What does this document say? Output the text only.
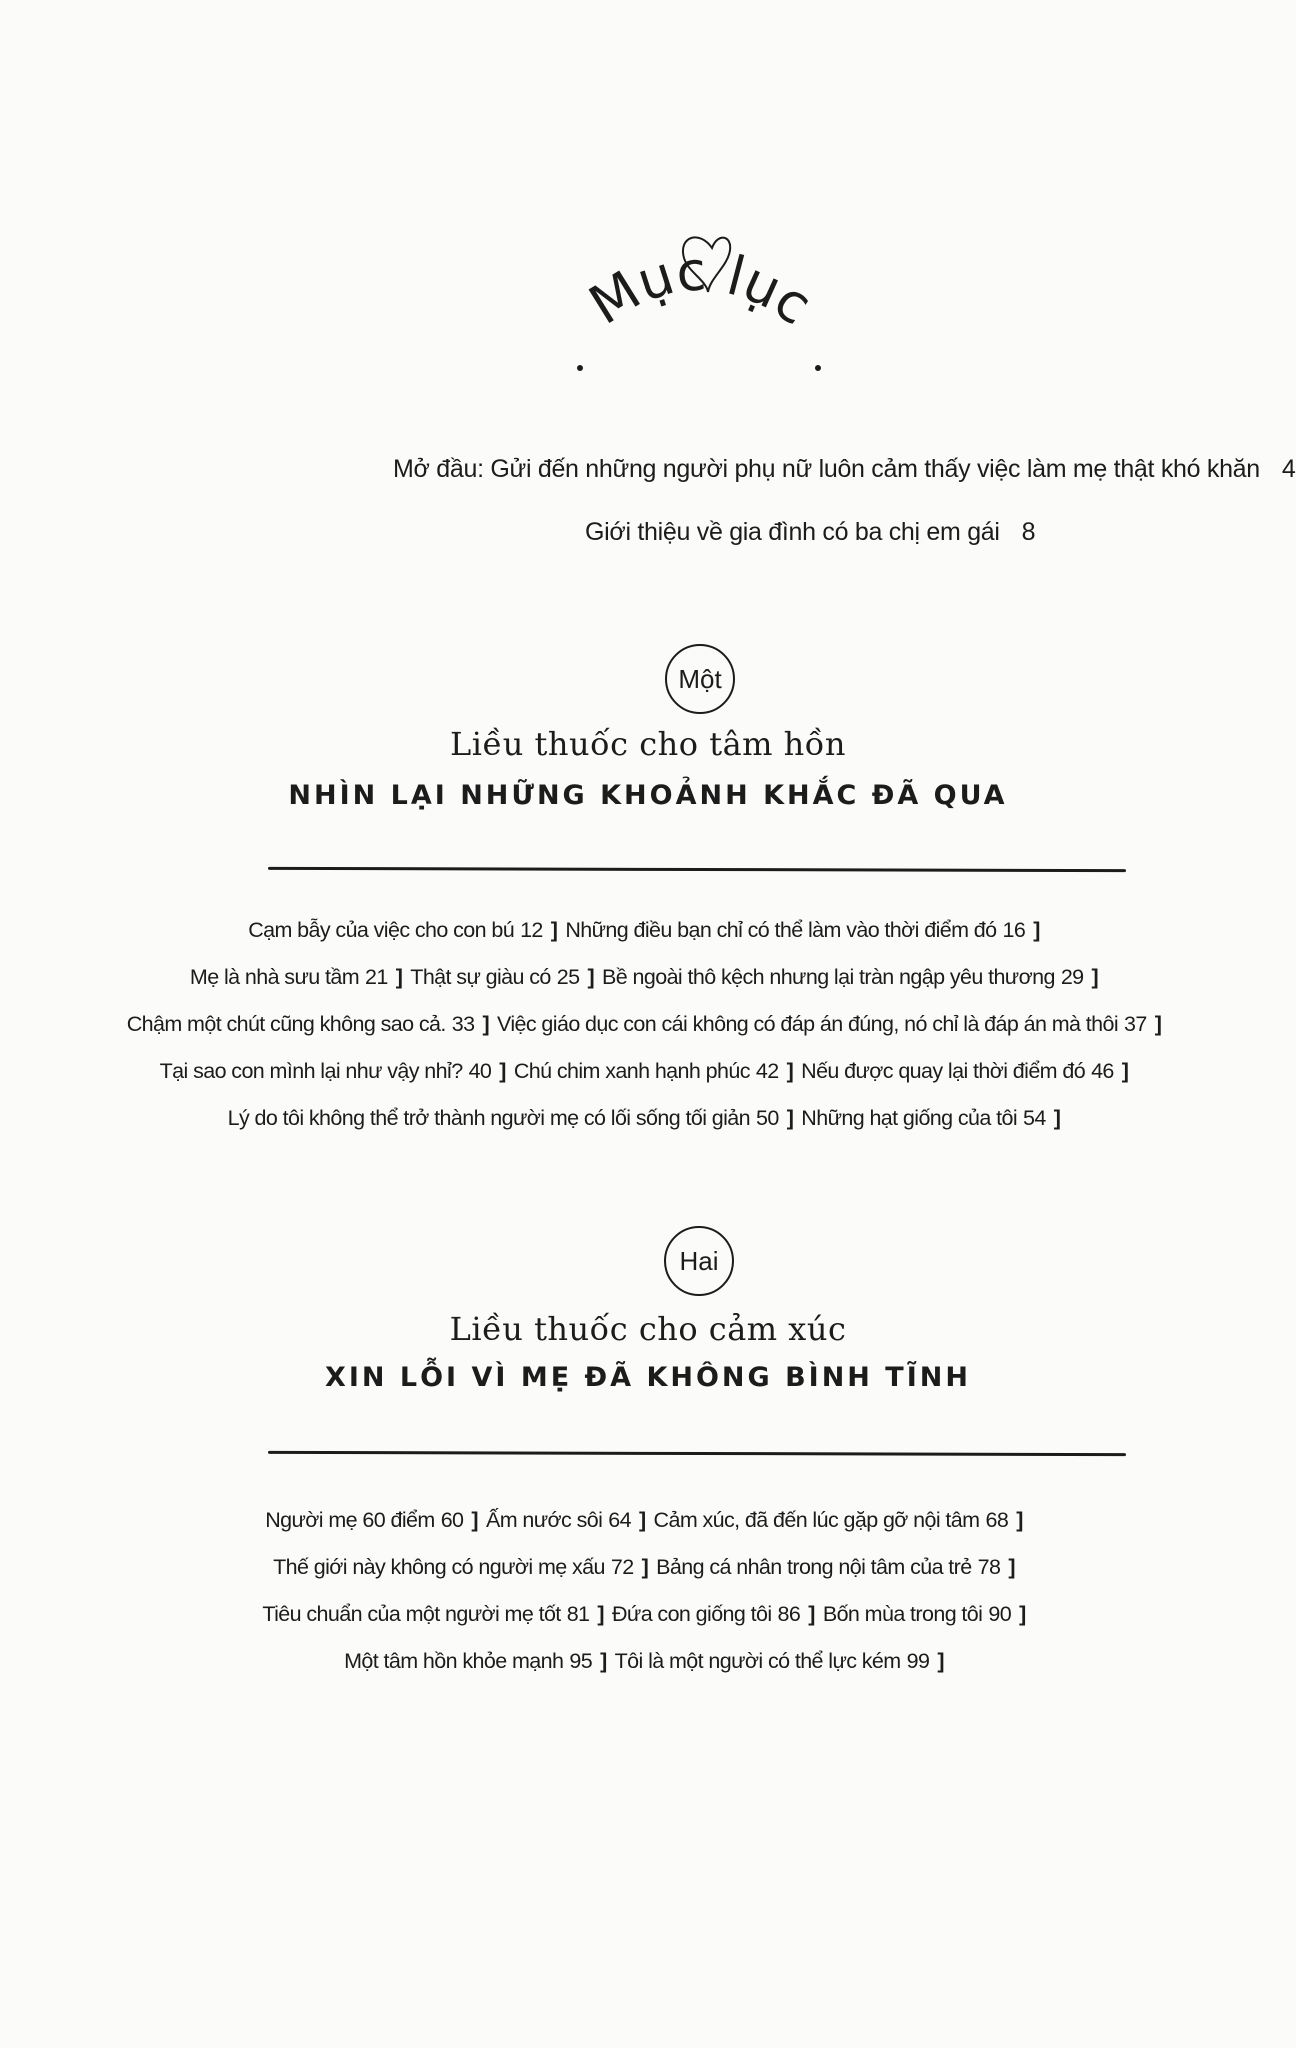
Mục lục
Mở đầu: Gửi đến những người phụ nữ luôn cảm thấy việc làm mẹ thật khó khăn 4
Giới thiệu về gia đình có ba chị em gái 8
Một
Liều thuốc cho tâm hồn
NHÌN LẠI NHỮNG KHOẢNH KHẮC ĐÃ QUA
Cạm bẫy của việc cho con bú 12 ] Những điều bạn chỉ có thể làm vào thời điểm đó 16 ]
Mẹ là nhà sưu tầm 21 ] Thật sự giàu có 25 ] Bề ngoài thô kệch nhưng lại tràn ngập yêu thương 29 ]
Chậm một chút cũng không sao cả. 33 ] Việc giáo dục con cái không có đáp án đúng, nó chỉ là đáp án mà thôi 37 ]
Tại sao con mình lại như vậy nhỉ? 40 ] Chú chim xanh hạnh phúc 42 ] Nếu được quay lại thời điểm đó 46 ]
Lý do tôi không thể trở thành người mẹ có lối sống tối giản 50 ] Những hạt giống của tôi 54 ]
Hai
Liều thuốc cho cảm xúc
XIN LỖI VÌ MẸ ĐÃ KHÔNG BÌNH TĨNH
Người mẹ 60 điểm 60 ] Ấm nước sôi 64 ] Cảm xúc, đã đến lúc gặp gỡ nội tâm 68 ]
Thế giới này không có người mẹ xấu 72 ] Bảng cá nhân trong nội tâm của trẻ 78 ]
Tiêu chuẩn của một người mẹ tốt 81 ] Đứa con giống tôi 86 ] Bốn mùa trong tôi 90 ]
Một tâm hồn khỏe mạnh 95 ] Tôi là một người có thể lực kém 99 ]
